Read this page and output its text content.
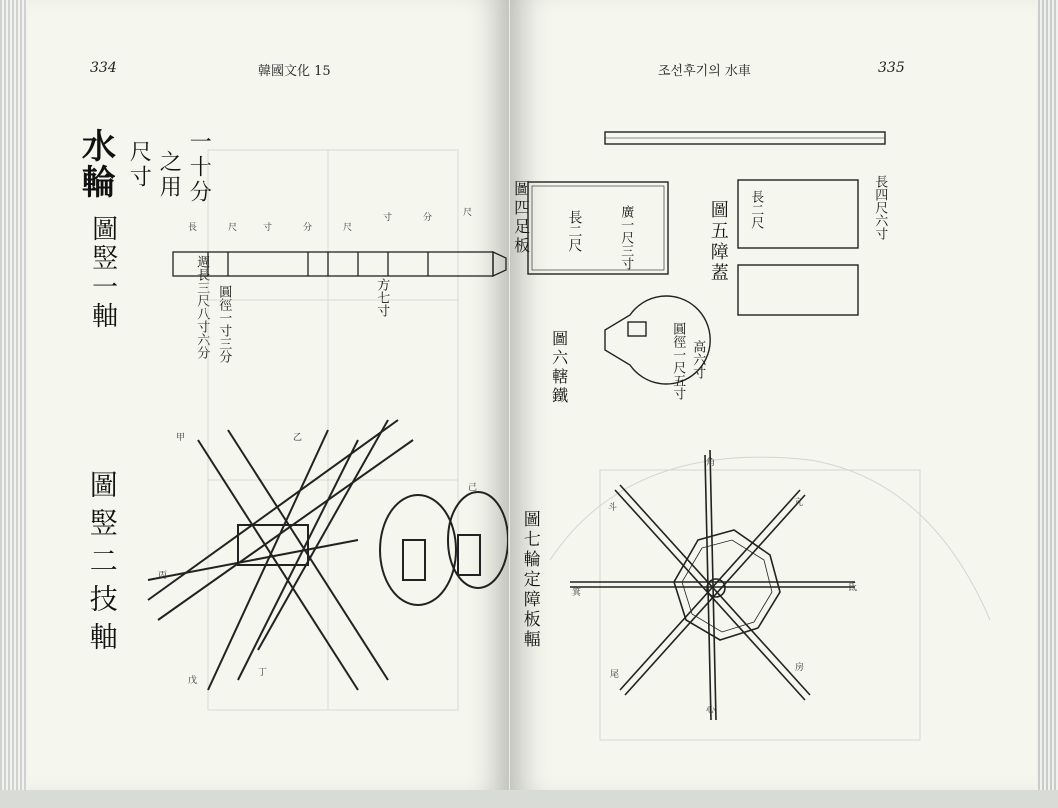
334	韓國文化 15
水輪 尺寸 之用 一十分
圖竪一軸	週長三尺八寸六分 圓徑一寸三分	方七寸
圖竪二技軸
長	尺	寸	分	尺
寸	分	尺
甲	乙
丙
丁
戊
己
조선후기의 水車	335
圖四足板	長二尺	廣一尺三寸	圖五障蓋 長二尺	長四尺六寸
圖六轄鐵	圓徑一尺五寸 高六寸
圖七輪定障板輻
角
亢
氐
房
心
尾
箕
斗
